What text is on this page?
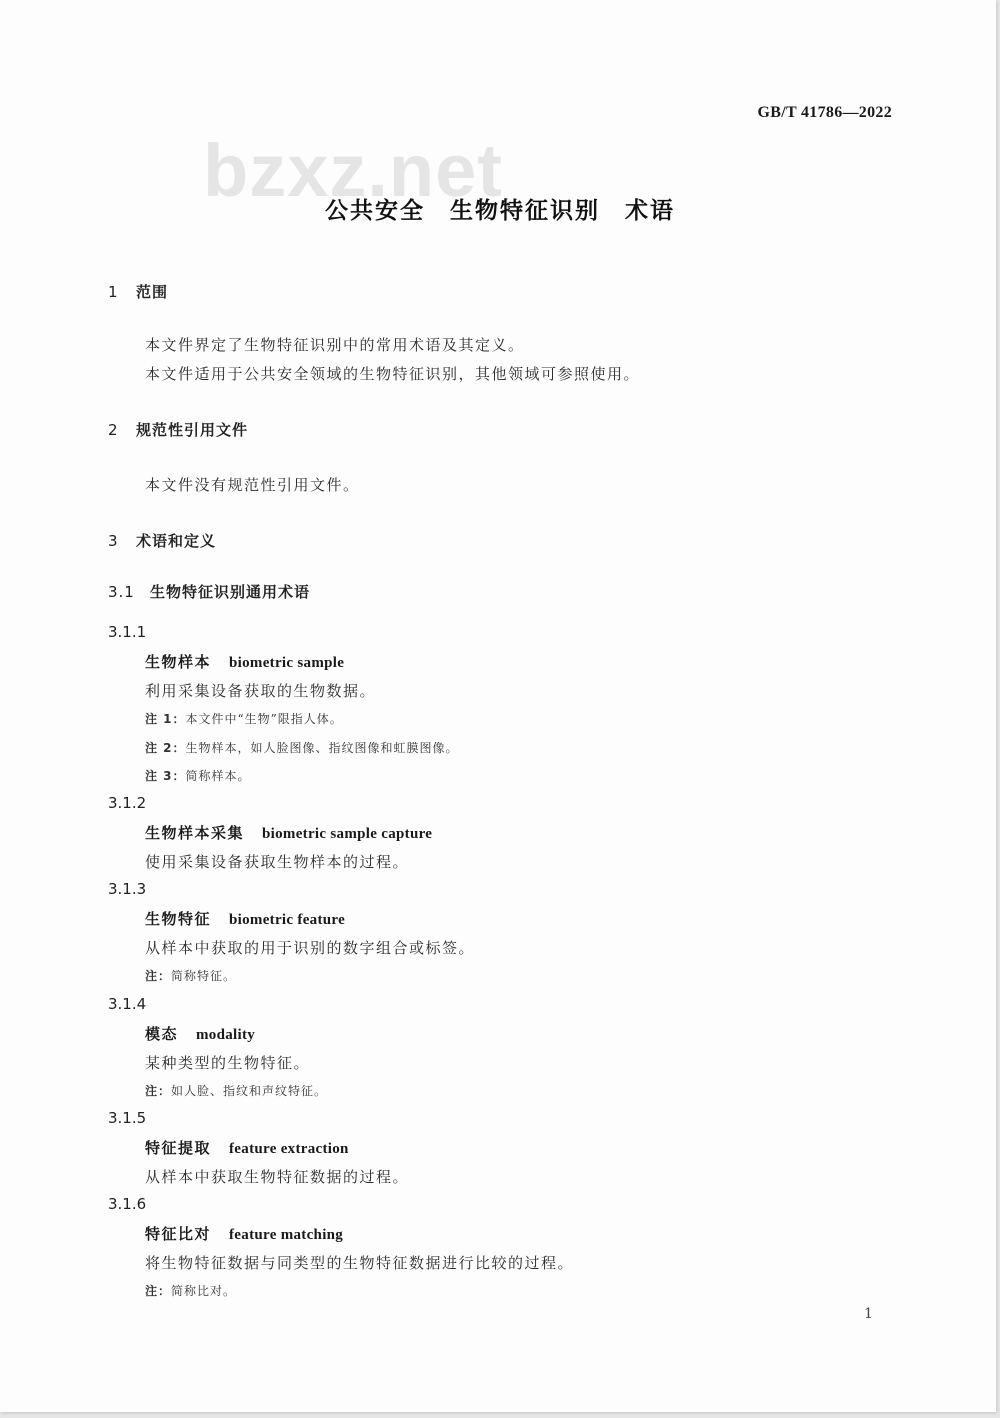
GB/T 41786—2022
bzxz.net
公共安全　生物特征识别　术语
1 范围
本文件界定了生物特征识别中的常用术语及其定义。
本文件适用于公共安全领域的生物特征识别，其他领域可参照使用。
2 规范性引用文件
本文件没有规范性引用文件。
3 术语和定义
3.1 生物特征识别通用术语
3.1.1
生物样本 biometric sample
利用采集设备获取的生物数据。
注 1：本文件中“生物”限指人体。
注 2：生物样本，如人脸图像、指纹图像和虹膜图像。
注 3：简称样本。
3.1.2
生物样本采集 biometric sample capture
使用采集设备获取生物样本的过程。
3.1.3
生物特征 biometric feature
从样本中获取的用于识别的数字组合或标签。
注：简称特征。
3.1.4
模态 modality
某种类型的生物特征。
注：如人脸、指纹和声纹特征。
3.1.5
特征提取 feature extraction
从样本中获取生物特征数据的过程。
3.1.6
特征比对 feature matching
将生物特征数据与同类型的生物特征数据进行比较的过程。
注：简称比对。
1
